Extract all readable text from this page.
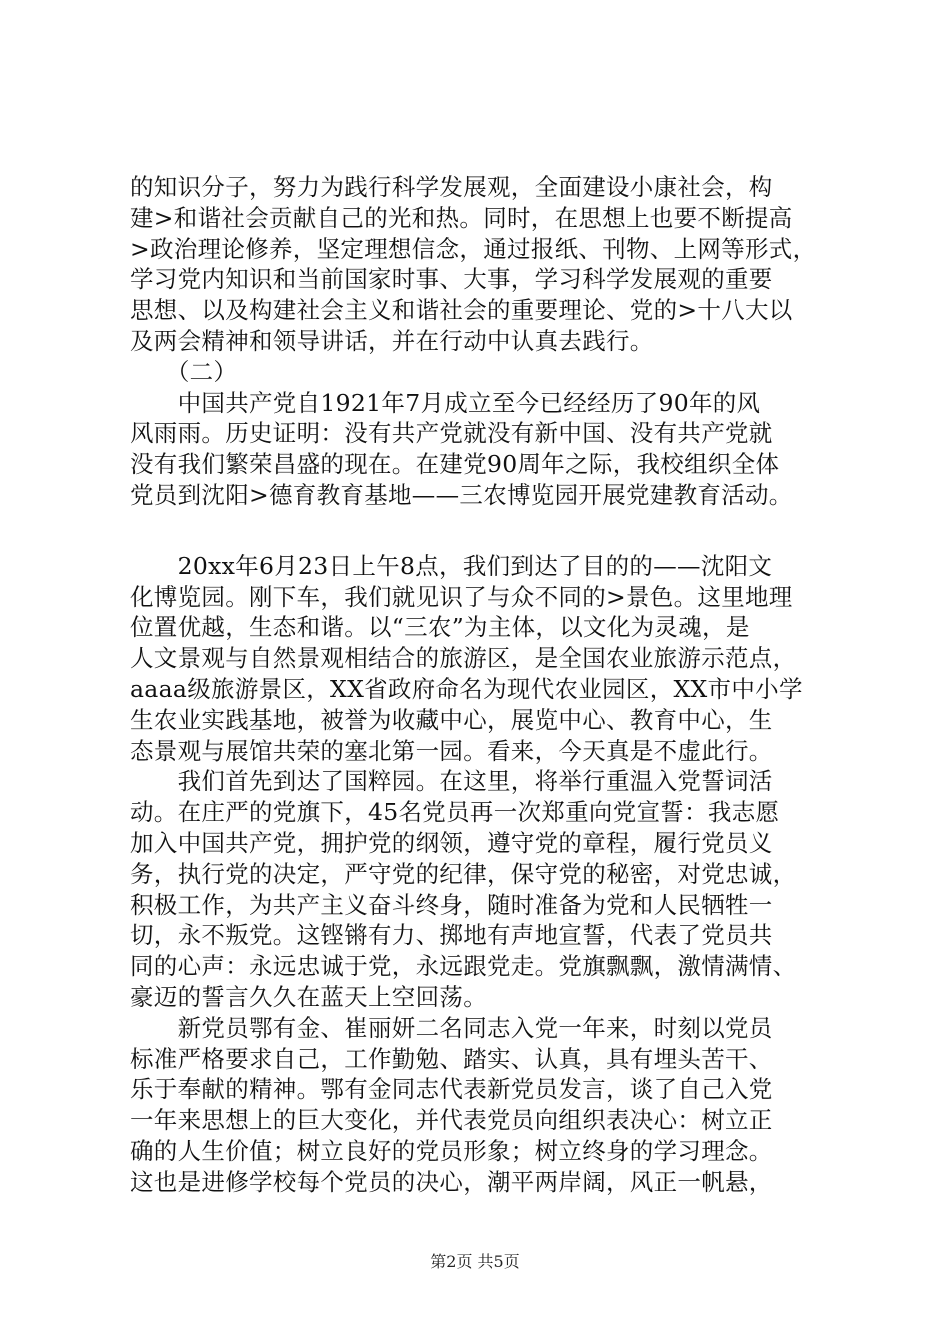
的知识分子，努力为践行科学发展观，全面建设小康社会，构
建>和谐社会贡献自己的光和热。同时，在思想上也要不断提高
>政治理论修养，坚定理想信念，通过报纸、刊物、上网等形式，
学习党内知识和当前国家时事、大事，学习科学发展观的重要
思想、以及构建社会主义和谐社会的重要理论、党的>十八大以
及两会精神和领导讲话，并在行动中认真去践行。
　　（二）
　　中国共产党自1921年7月成立至今已经经历了90年的风
风雨雨。历史证明：没有共产党就没有新中国、没有共产党就
没有我们繁荣昌盛的现在。在建党90周年之际，我校组织全体
党员到沈阳>德育教育基地——三农博览园开展党建教育活动。
　　20xx年6月23日上午8点，我们到达了目的的——沈阳文
化博览园。刚下车，我们就见识了与众不同的>景色。这里地理
位置优越，生态和谐。以“三农”为主体，以文化为灵魂，是
人文景观与自然景观相结合的旅游区，是全国农业旅游示范点，
aaaa级旅游景区，XX省政府命名为现代农业园区，XX市中小学
生农业实践基地，被誉为收藏中心，展览中心、教育中心，生
态景观与展馆共荣的塞北第一园。看来，今天真是不虚此行。
　　我们首先到达了国粹园。在这里，将举行重温入党誓词活
动。在庄严的党旗下，45名党员再一次郑重向党宣誓：我志愿
加入中国共产党，拥护党的纲领，遵守党的章程，履行党员义
务，执行党的决定，严守党的纪律，保守党的秘密，对党忠诚，
积极工作，为共产主义奋斗终身，随时准备为党和人民牺牲一
切，永不叛党。这铿锵有力、掷地有声地宣誓，代表了党员共
同的心声：永远忠诚于党，永远跟党走。党旗飘飘，激情满情、
豪迈的誓言久久在蓝天上空回荡。
　　新党员鄂有金、崔丽妍二名同志入党一年来，时刻以党员
标准严格要求自己，工作勤勉、踏实、认真，具有埋头苦干、
乐于奉献的精神。鄂有金同志代表新党员发言，谈了自己入党
一年来思想上的巨大变化，并代表党员向组织表决心：树立正
确的人生价值；树立良好的党员形象；树立终身的学习理念。
这也是进修学校每个党员的决心，潮平两岸阔，风正一帆悬，
第2页 共5页
